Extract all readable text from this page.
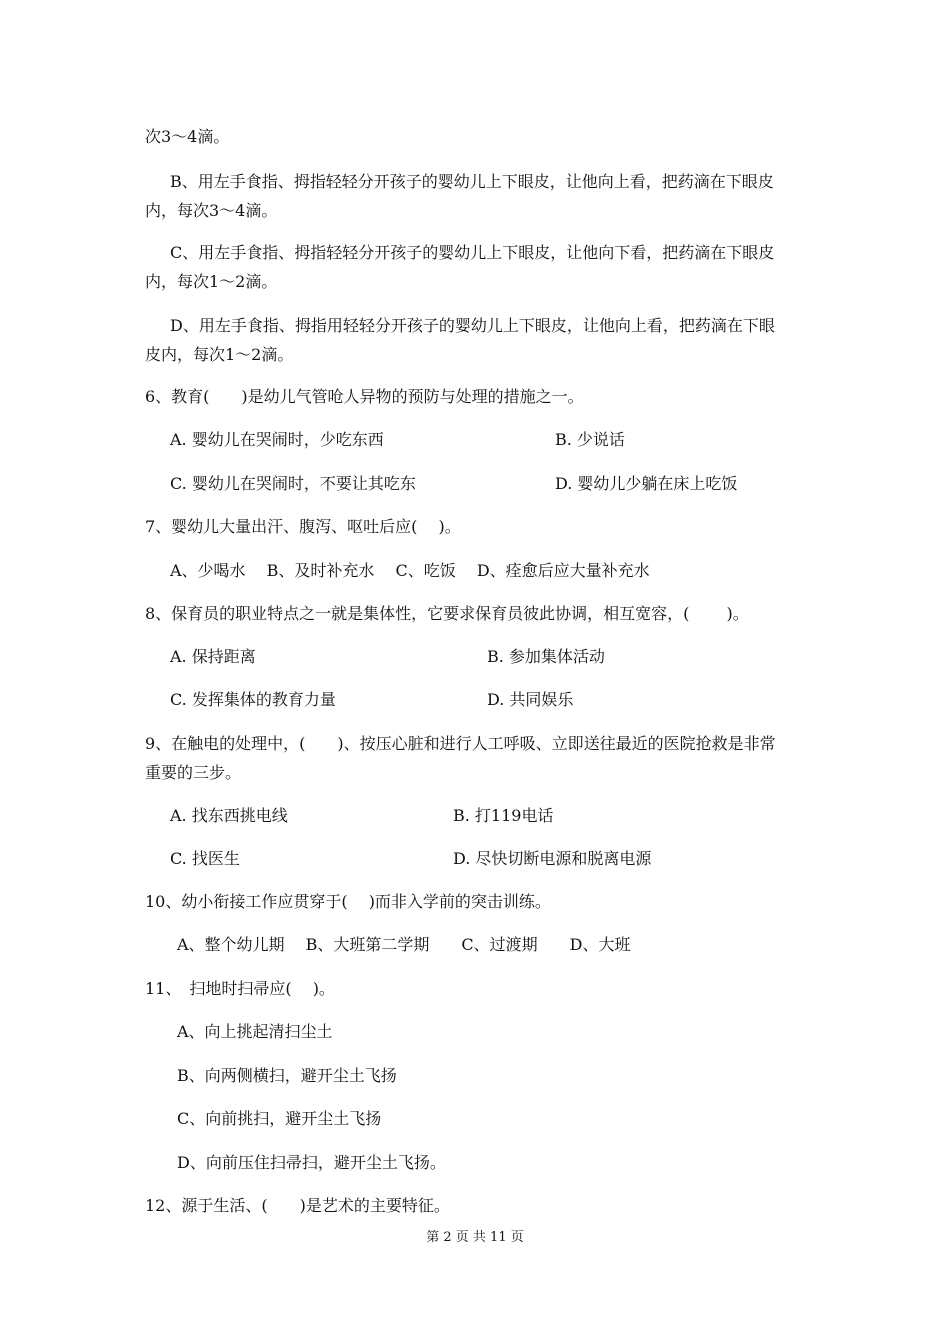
次3～4滴。
B、用左手食指、拇指轻轻分开孩子的婴幼儿上下眼皮，让他向上看，把药滴在下眼皮
内，每次3～4滴。
C、用左手食指、拇指轻轻分开孩子的婴幼儿上下眼皮，让他向下看，把药滴在下眼皮
内，每次1～2滴。
D、用左手食指、拇指用轻轻分开孩子的婴幼儿上下眼皮，让他向上看，把药滴在下眼
皮内，每次1～2滴。
6、教育(　　)是幼儿气管呛人异物的预防与处理的措施之一。
A. 婴幼儿在哭闹时，少吃东西	B. 少说话
C. 婴幼儿在哭闹时，不要让其吃东	D. 婴幼儿少躺在床上吃饭
7、婴幼儿大量出汗、腹泻、呕吐后应(　 )。
A、少喝水　 B、及时补充水　 C、吃饭　 D、痊愈后应大量补充水
8、保育员的职业特点之一就是集体性，它要求保育员彼此协调，相互宽容，(　　 )。
A. 保持距离	B. 参加集体活动
C. 发挥集体的教育力量	D. 共同娱乐
9、在触电的处理中，(　　)、按压心脏和进行人工呼吸、立即送往最近的医院抢救是非常
重要的三步。
A. 找东西挑电线	B. 打119电话
C. 找医生	D. 尽快切断电源和脱离电源
10、幼小衔接工作应贯穿于(　 )而非入学前的突击训练。
A、整个幼儿期　 B、大班第二学期　　C、过渡期　　D、大班
11、　扫地时扫帚应(　 )。
A、向上挑起清扫尘土
B、向两侧横扫，避开尘土飞扬
C、向前挑扫，避开尘土飞扬
D、向前压住扫帚扫，避开尘土飞扬。
12、源于生活、(　　)是艺术的主要特征。
第 2 页 共 11 页
